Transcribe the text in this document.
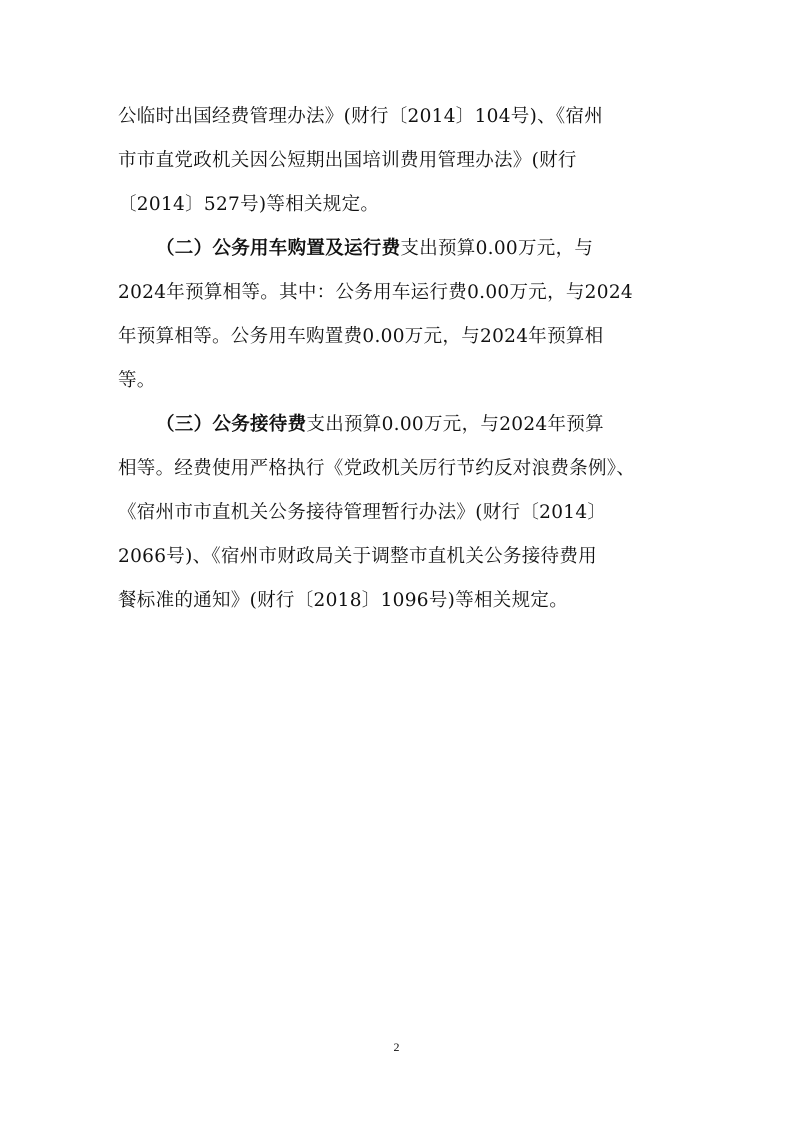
公临时出国经费管理办法》(财行〔2014〕104号)、《宿州
市市直党政机关因公短期出国培训费用管理办法》(财行
〔2014〕527号)等相关规定。
（二）公务用车购置及运行费支出预算0.00万元，与
2024年预算相等。其中：公务用车运行费0.00万元，与2024
年预算相等。公务用车购置费0.00万元，与2024年预算相
等。
（三）公务接待费支出预算0.00万元，与2024年预算
相等。经费使用严格执行《党政机关厉行节约反对浪费条例》、
《宿州市市直机关公务接待管理暂行办法》(财行〔2014〕
2066号)、《宿州市财政局关于调整市直机关公务接待费用
餐标准的通知》(财行〔2018〕1096号)等相关规定。
2
